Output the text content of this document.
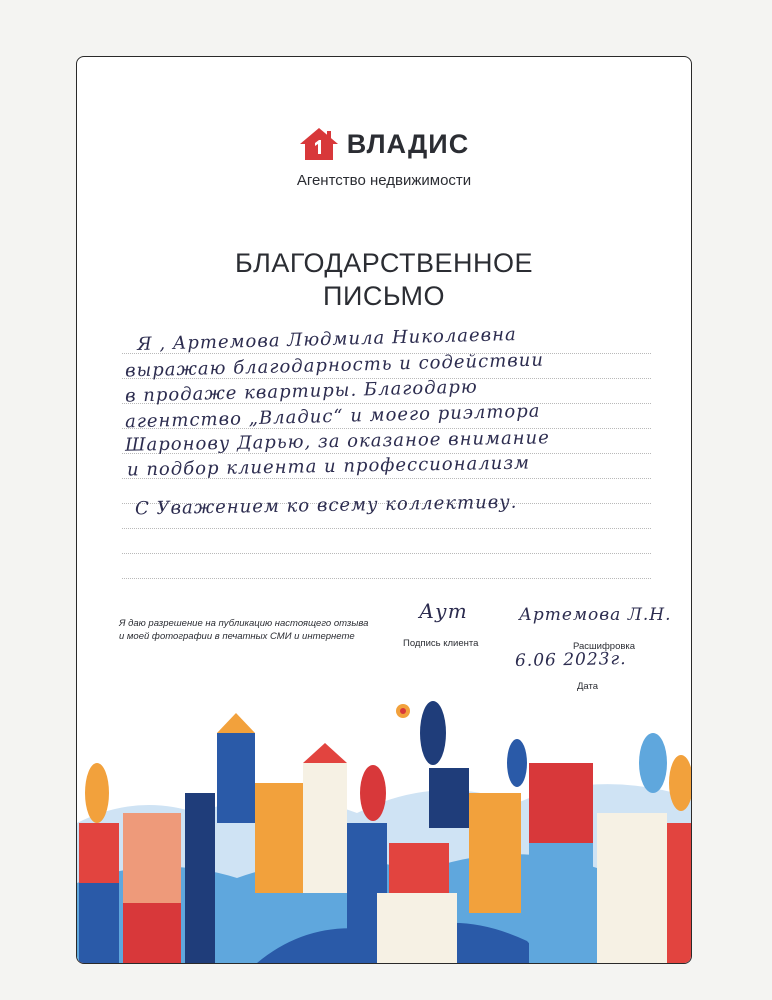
ВЛАДИС
Агентство недвижимости
БЛАГОДАРСТВЕННОЕ
ПИСЬМО
Я , Артемова Людмила Николаевна
выражаю благодарность и содействии
в продаже квартиры. Благодарю
агентство „Владис“ и моего риэлтора
Шаронову Дарью, за оказаное внимание
и подбор клиента и профессионализм
С Уважением ко всему коллективу.
Я даю разрешение на публикацию настоящего отзыва
и моей фотографии в печатных СМИ и интернете
Аут
Подпись клиента
Артемова Л.Н.
Расшифровка
6.06 2023г.
Дата
